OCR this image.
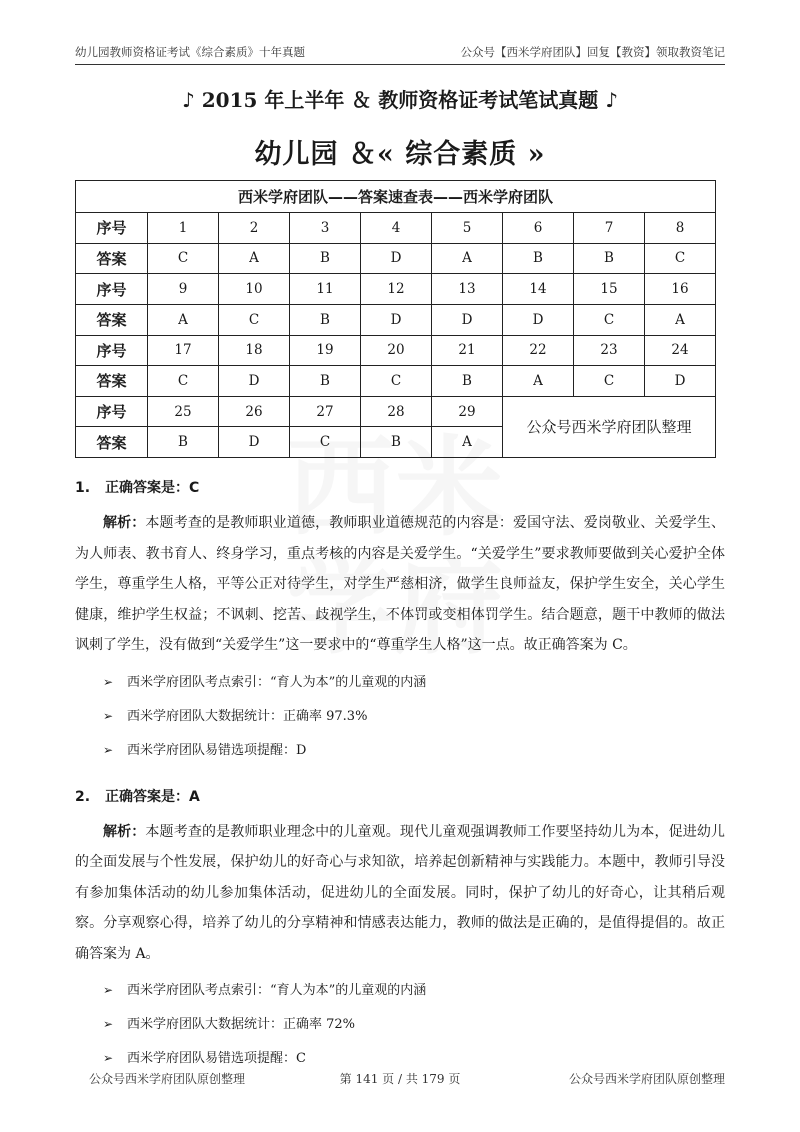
幼儿园教师资格证考试《综合素质》十年真题	公众号【西米学府团队】回复【教资】领取教资笔记
♪ 2015 年上半年 ＆ 教师资格证考试笔试真题 ♪
幼儿园 ＆« 综合素质 »
西米学府团队——答案速查表——西米学府团队								
序号	1	2	3	4	5	6	7	8
答案	C	A	B	D	A	B	B	C
序号	9	10	11	12	13	14	15	16
答案	A	C	B	D	D	D	C	A
序号	17	18	19	20	21	22	23	24
答案	C	D	B	C	B	A	C	D
序号	25	26	27	28	29	公众号西米学府团队整理		
答案	B	D	C	B	A			
1. 正确答案是：C

解析：本题考查的是教师职业道德，教师职业道德规范的内容是：爱国守法、爱岗敬业、关爱学生、为人师表、教书育人、终身学习，重点考核的内容是关爱学生。“关爱学生”要求教师要做到关心爱护全体学生，尊重学生人格，平等公正对待学生，对学生严慈相济，做学生良师益友，保护学生安全，关心学生健康，维护学生权益；不讽刺、挖苦、歧视学生，不体罚或变相体罚学生。结合题意，题干中教师的做法讽刺了学生，没有做到“关爱学生”这一要求中的“尊重学生人格”这一点。故正确答案为 C。

➢ 西米学府团队考点索引：“育人为本”的儿童观的内涵
➢ 西米学府团队大数据统计：正确率 97.3%
➢ 西米学府团队易错选项提醒：D
2. 正确答案是：A

解析：本题考查的是教师职业理念中的儿童观。现代儿童观强调教师工作要坚持幼儿为本，促进幼儿的全面发展与个性发展，保护幼儿的好奇心与求知欲，培养起创新精神与实践能力。本题中，教师引导没有参加集体活动的幼儿参加集体活动，促进幼儿的全面发展。同时，保护了幼儿的好奇心，让其稍后观察。分享观察心得，培养了幼儿的分享精神和情感表达能力，教师的做法是正确的，是值得提倡的。故正确答案为 A。

➢ 西米学府团队考点索引：“育人为本”的儿童观的内涵
➢ 西米学府团队大数据统计：正确率 72%
➢ 西米学府团队易错选项提醒：C
公众号西米学府团队原创整理	第 141 页 / 共 179 页	公众号西米学府团队原创整理
